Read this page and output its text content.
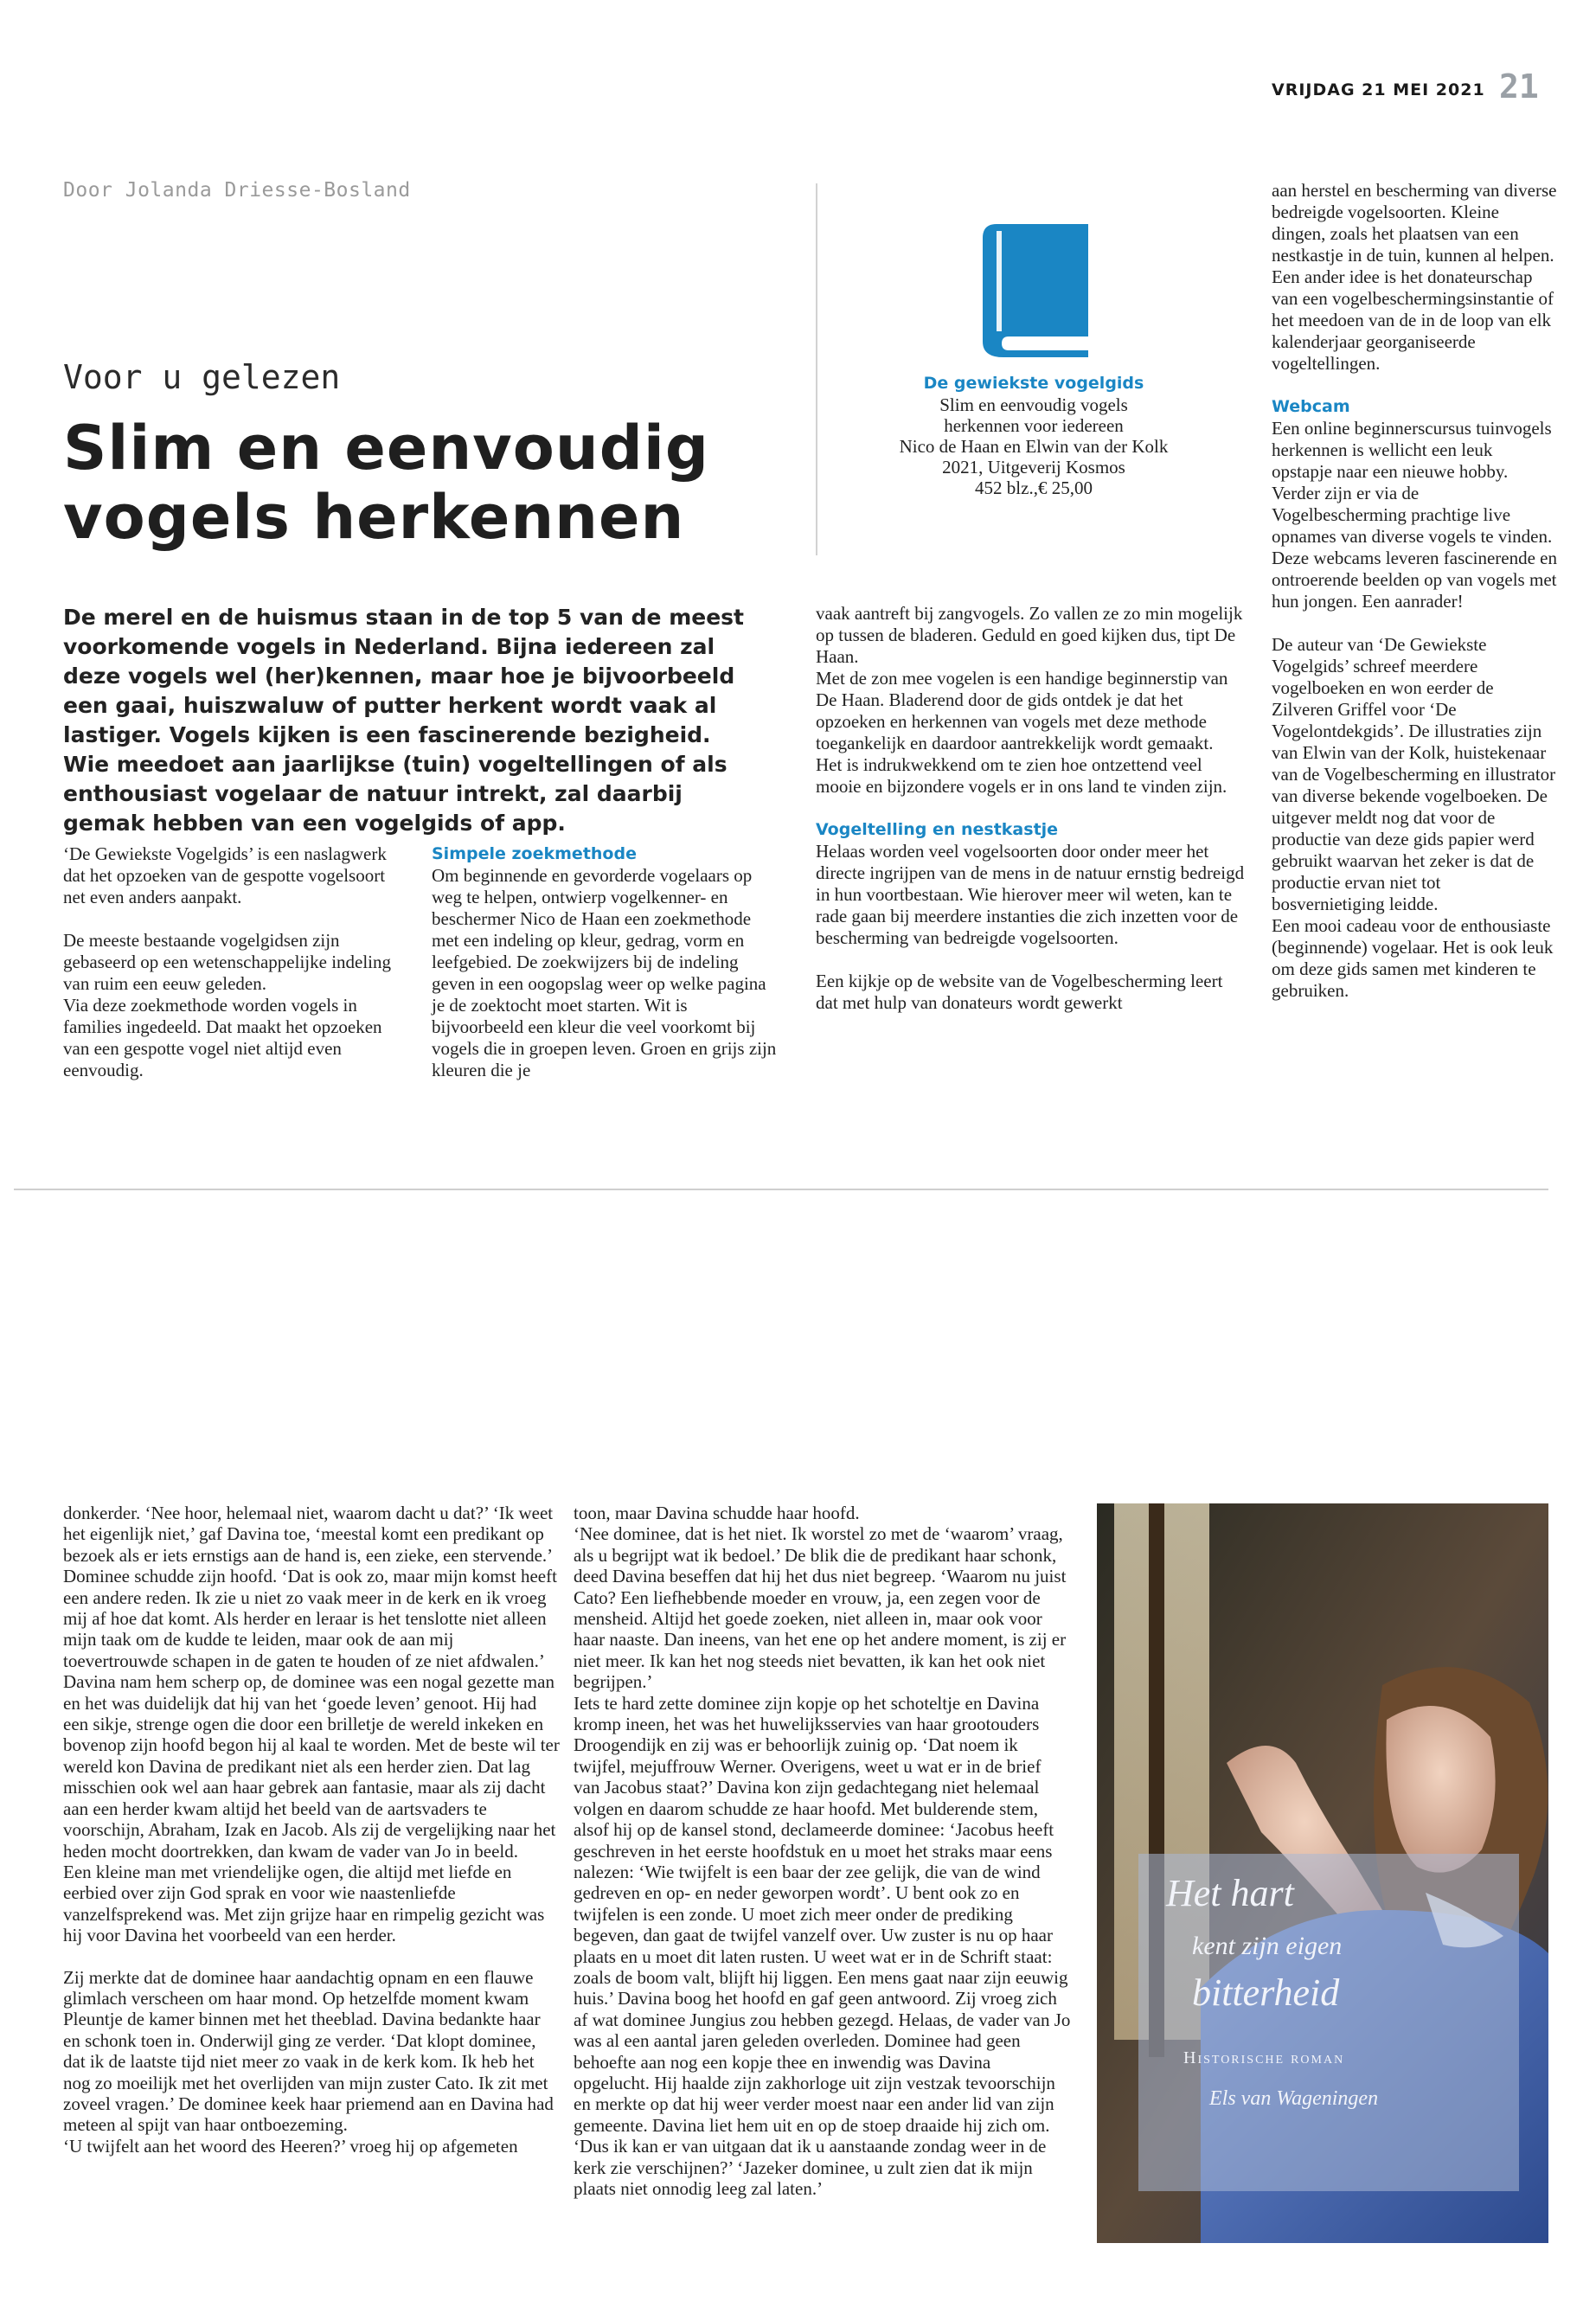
VRIJDAG 21 MEI 2021 21
Door Jolanda Driesse-Bosland
Voor u gelezen
Slim en eenvoudig
vogels herkennen
De merel en de huismus staan in de top 5 van de meest voorkomende vogels in Nederland. Bijna iedereen zal deze vogels wel (her)kennen, maar hoe je bijvoorbeeld een gaai, huiszwaluw of putter herkent wordt vaak al lastiger. Vogels kijken is een fascinerende bezigheid. Wie meedoet aan jaarlijkse (tuin) vogeltellingen of als enthousiast vogelaar de natuur intrekt, zal daarbij gemak hebben van een vogelgids of app.

‘De Gewiekste Vogelgids’ is een naslagwerk dat het opzoeken van de gespotte vogelsoort net even anders aanpakt.

De meeste bestaande vogelgidsen zijn gebaseerd op een wetenschappelijke indeling van ruim een eeuw geleden.

Via deze zoekmethode worden vogels in families ingedeeld. Dat maakt het opzoeken van een gespotte vogel niet altijd even eenvoudig.

Simpele zoekmethode

Om beginnende en gevorderde vogelaars op weg te helpen, ontwierp vogelkenner- en beschermer Nico de Haan een zoekmethode met een indeling op kleur, gedrag, vorm en leefgebied. De zoekwijzers bij de indeling geven in een oogopslag weer op welke pagina je de zoektocht moet starten. Wit is bijvoorbeeld een kleur die veel voorkomt bij vogels die in groepen leven. Groen en grijs zijn kleuren die je

De gewiekste vogelgids
Slim en eenvoudig vogels
herkennen voor iedereen
Nico de Haan en Elwin van der Kolk
2021, Uitgeverij Kosmos
452 blz.,€ 25,00

vaak aantreft bij zangvogels. Zo vallen ze zo min mogelijk op tussen de bladeren. Geduld en goed kijken dus, tipt De Haan.

Met de zon mee vogelen is een handige beginnerstip van De Haan. Bladerend door de gids ontdek je dat het opzoeken en herkennen van vogels met deze methode toegankelijk en daardoor aantrekkelijk wordt gemaakt.

Het is indrukwekkend om te zien hoe ontzettend veel mooie en bijzondere vogels er in ons land te vinden zijn.

Vogeltelling en nestkastje

Helaas worden veel vogelsoorten door onder meer het directe ingrijpen van de mens in de natuur ernstig bedreigd in hun voortbestaan. Wie hierover meer wil weten, kan te rade gaan bij meerdere instanties die zich inzetten voor de bescherming van bedreigde vogelsoorten.

Een kijkje op de website van de Vogelbescherming leert dat met hulp van donateurs wordt gewerkt

aan herstel en bescherming van diverse bedreigde vogelsoorten. Kleine dingen, zoals het plaatsen van een nestkastje in de tuin, kunnen al helpen. Een ander idee is het donateurschap van een vogelbeschermingsinstantie of het meedoen van de in de loop van elk kalenderjaar georganiseerde vogeltellingen.

Webcam

Een online beginnerscursus tuinvogels herkennen is wellicht een leuk opstapje naar een nieuwe hobby. Verder zijn er via de Vogelbescherming prachtige live opnames van diverse vogels te vinden. Deze webcams leveren fascinerende en ontroerende beelden op van vogels met hun jongen. Een aanrader!

De auteur van ‘De Gewiekste Vogelgids’ schreef meerdere vogelboeken en won eerder de Zilveren Griffel voor ‘De Vogelontdekgids’. De illustraties zijn van Elwin van der Kolk, huistekenaar van de Vogelbescherming en illustrator van diverse bekende vogelboeken. De uitgever meldt nog dat voor de productie van deze gids papier werd gebruikt waarvan het zeker is dat de productie ervan niet tot bosvernietiging leidde.

Een mooi cadeau voor de enthousiaste (beginnende) vogelaar. Het is ook leuk om deze gids samen met kinderen te gebruiken.

donkerder. ‘Nee hoor, helemaal niet, waarom dacht u dat?’ ‘Ik weet het eigenlijk niet,’ gaf Davina toe, ‘meestal komt een predikant op bezoek als er iets ernstigs aan de hand is, een zieke, een stervende.’

Dominee schudde zijn hoofd. ‘Dat is ook zo, maar mijn komst heeft een andere reden. Ik zie u niet zo vaak meer in de kerk en ik vroeg mij af hoe dat komt. Als herder en leraar is het tenslotte niet alleen mijn taak om de kudde te leiden, maar ook de aan mij toevertrouwde schapen in de gaten te houden of ze niet afdwalen.’ Davina nam hem scherp op, de dominee was een nogal gezette man en het was duidelijk dat hij van het ‘goede leven’ genoot. Hij had een sikje, strenge ogen die door een brilletje de wereld inkeken en bovenop zijn hoofd begon hij al kaal te worden. Met de beste wil ter wereld kon Davina de predikant niet als een herder zien. Dat lag misschien ook wel aan haar gebrek aan fantasie, maar als zij dacht aan een herder kwam altijd het beeld van de aartsvaders te voorschijn, Abraham, Izak en Jacob. Als zij de vergelijking naar het heden mocht doortrekken, dan kwam de vader van Jo in beeld.

Een kleine man met vriendelijke ogen, die altijd met liefde en eerbied over zijn God sprak en voor wie naastenliefde vanzelfsprekend was. Met zijn grijze haar en rimpelig gezicht was hij voor Davina het voorbeeld van een herder.

Zij merkte dat de dominee haar aandachtig opnam en een flauwe glimlach verscheen om haar mond. Op hetzelfde moment kwam Pleuntje de kamer binnen met het theeblad. Davina bedankte haar en schonk toen in. Onderwijl ging ze verder. ‘Dat klopt dominee, dat ik de laatste tijd niet meer zo vaak in de kerk kom. Ik heb het nog zo moeilijk met het overlijden van mijn zuster Cato. Ik zit met zoveel vragen.’ De dominee keek haar priemend aan en Davina had meteen al spijt van haar ontboezeming.

‘U twijfelt aan het woord des Heeren?’ vroeg hij op afgemeten

toon, maar Davina schudde haar hoofd.

‘Nee dominee, dat is het niet. Ik worstel zo met de ‘waarom’ vraag, als u begrijpt wat ik bedoel.’ De blik die de predikant haar schonk, deed Davina beseffen dat hij het dus niet begreep. ‘Waarom nu juist Cato? Een liefhebbende moeder en vrouw, ja, een zegen voor de mensheid. Altijd het goede zoeken, niet alleen in, maar ook voor haar naaste. Dan ineens, van het ene op het andere moment, is zij er niet meer. Ik kan het nog steeds niet bevatten, ik kan het ook niet begrijpen.’

Iets te hard zette dominee zijn kopje op het schoteltje en Davina kromp ineen, het was het huwelijksservies van haar grootouders Droogendijk en zij was er behoorlijk zuinig op. ‘Dat noem ik twijfel, mejuffrouw Werner. Overigens, weet u wat er in de brief van Jacobus staat?’ Davina kon zijn gedachtegang niet helemaal volgen en daarom schudde ze haar hoofd. Met bulderende stem, alsof hij op de kansel stond, declameerde dominee: ‘Jacobus heeft geschreven in het eerste hoofdstuk en u moet het straks maar eens nalezen: ‘Wie twijfelt is een baar der zee gelijk, die van de wind gedreven en op- en neder geworpen wordt’. U bent ook zo en twijfelen is een zonde. U moet zich meer onder de prediking begeven, dan gaat de twijfel vanzelf over. Uw zuster is nu op haar plaats en u moet dit laten rusten. U weet wat er in de Schrift staat: zoals de boom valt, blijft hij liggen. Een mens gaat naar zijn eeuwig huis.’ Davina boog het hoofd en gaf geen antwoord. Zij vroeg zich af wat dominee Jungius zou hebben gezegd. Helaas, de vader van Jo was al een aantal jaren geleden overleden. Dominee had geen behoefte aan nog een kopje thee en inwendig was Davina opgelucht. Hij haalde zijn zakhorloge uit zijn vestzak tevoorschijn en merkte op dat hij weer verder moest naar een ander lid van zijn gemeente. Davina liet hem uit en op de stoep draaide hij zich om. ‘Dus ik kan er van uitgaan dat ik u aanstaande zondag weer in de kerk zie verschijnen?’ ‘Jazeker dominee, u zult zien dat ik mijn plaats niet onnodig leeg zal laten.’

Het hart
kent zijn eigen
bitterheid
Historische roman
Els van Wageningen
